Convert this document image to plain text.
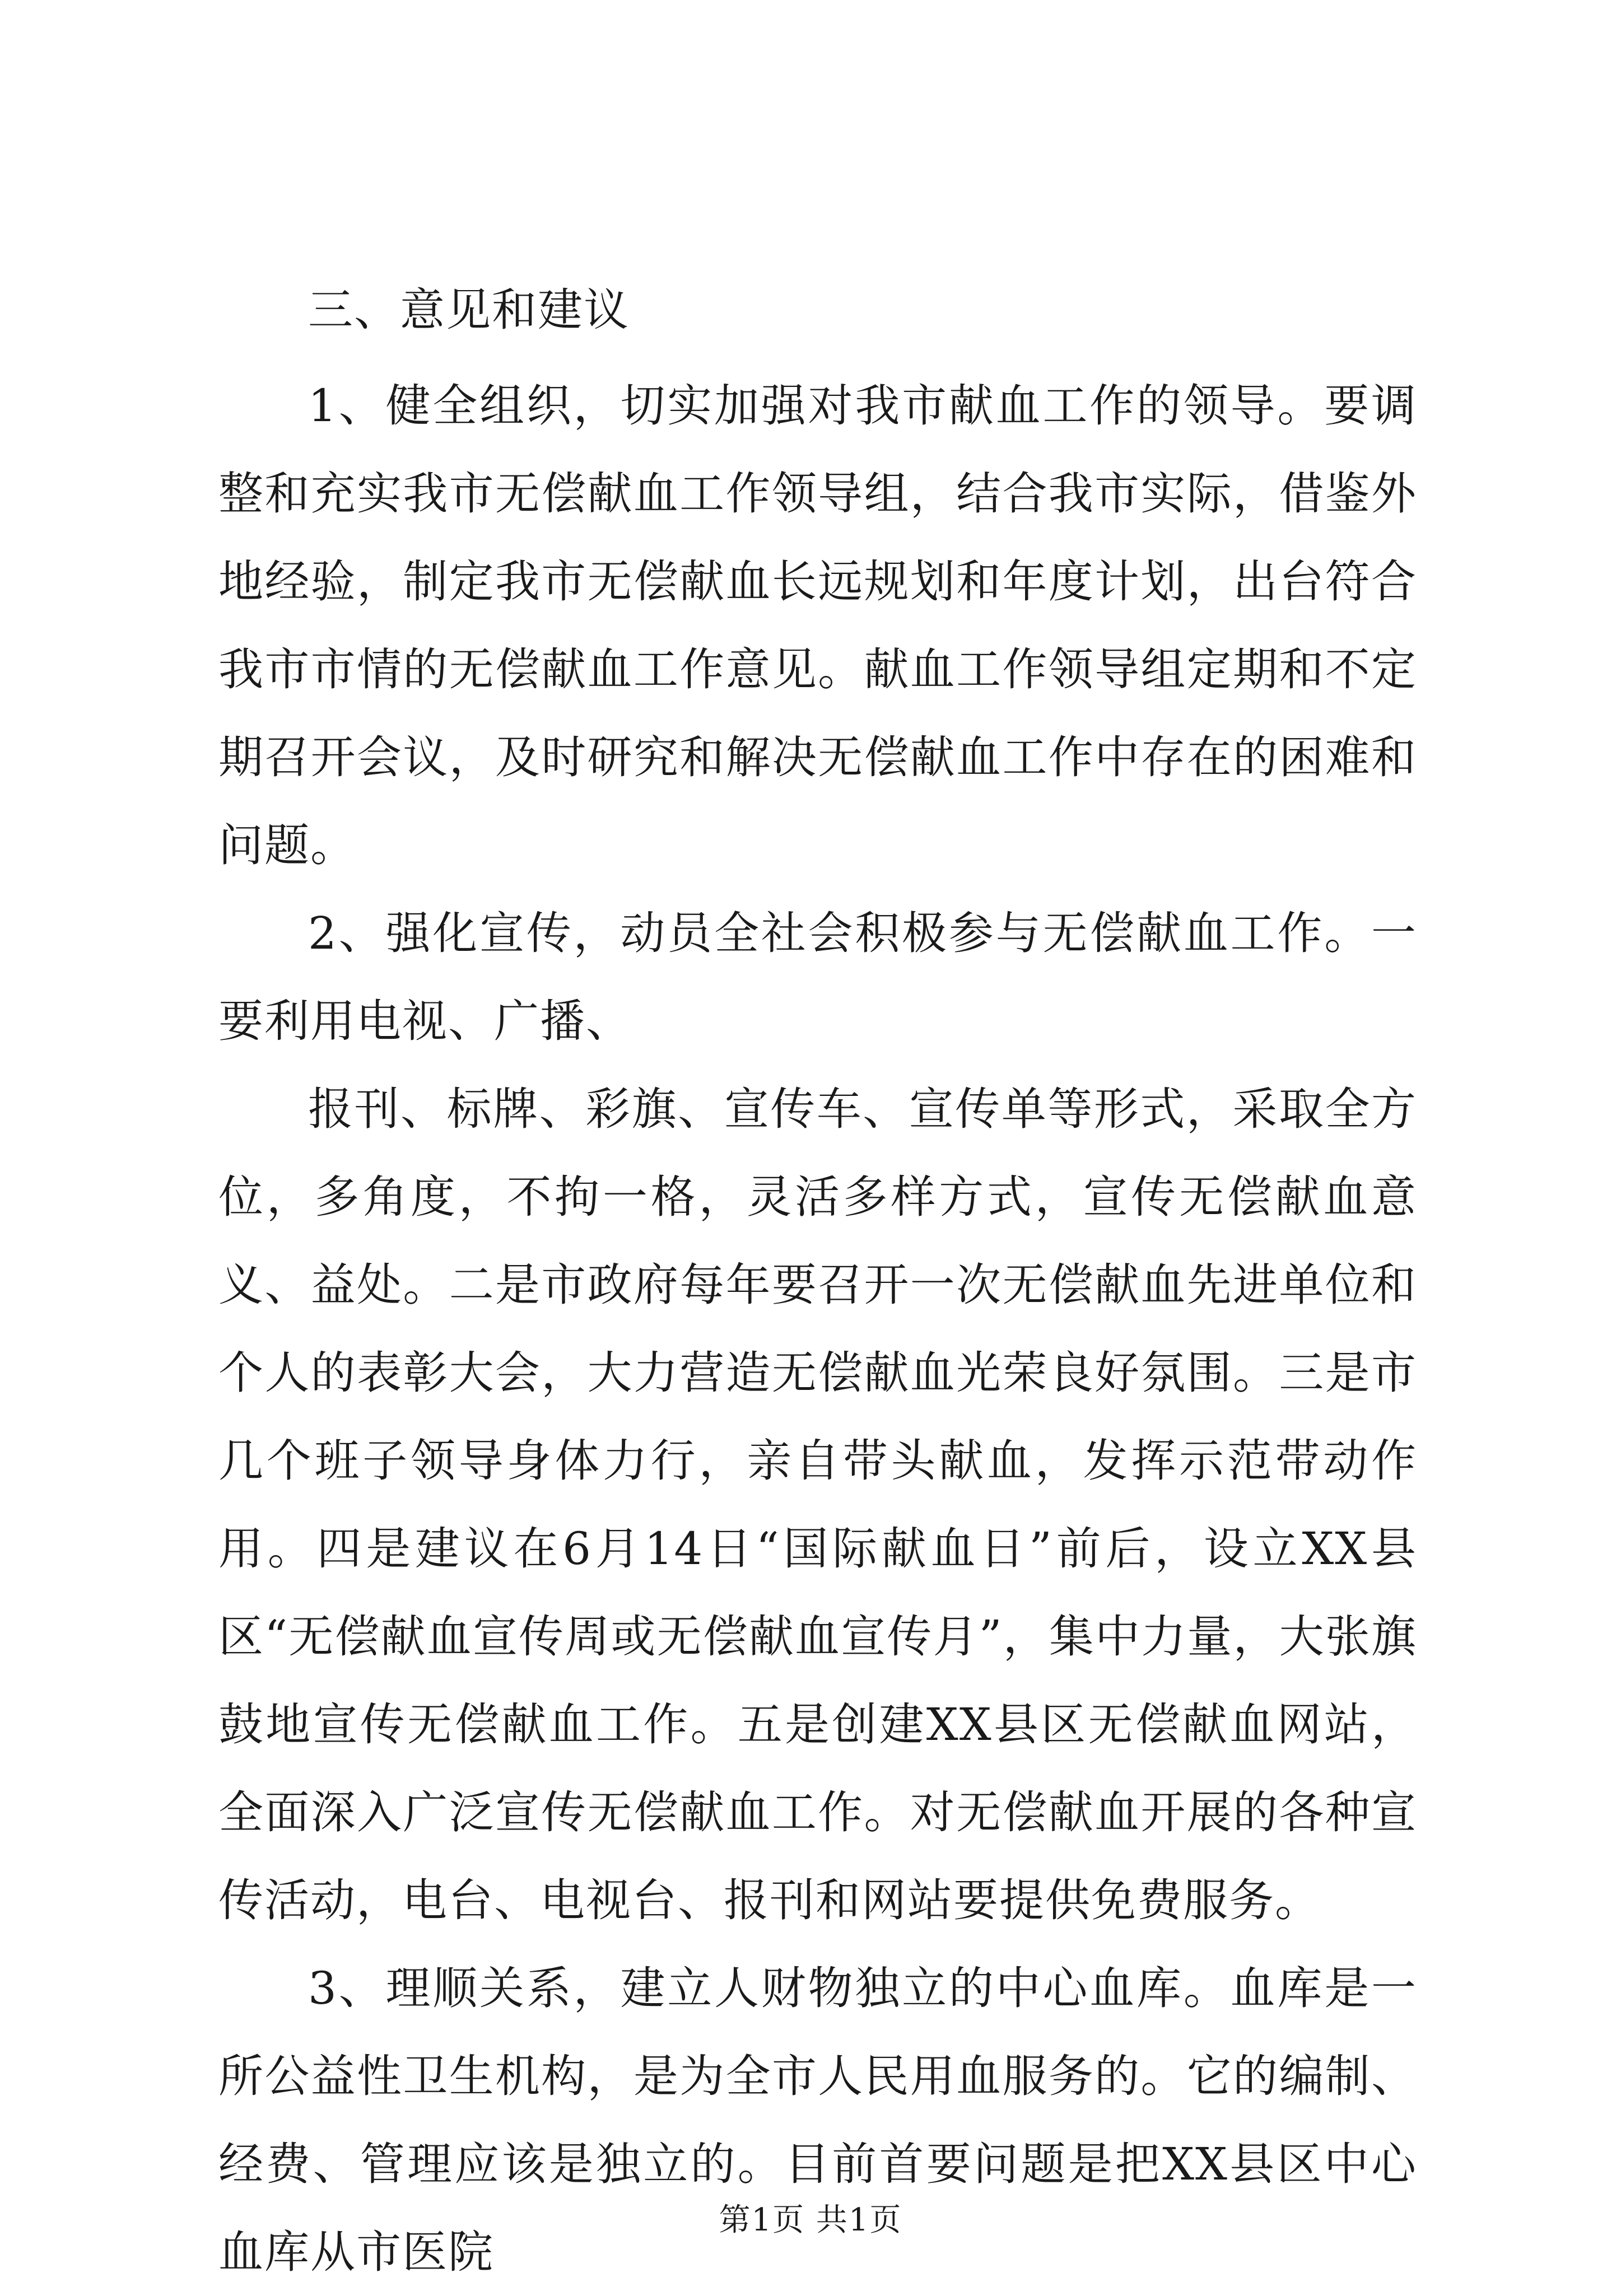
三、意见和建议

1、健全组织，切实加强对我市献血工作的领导。要调整和充实我市无偿献血工作领导组，结合我市实际，借鉴外地经验，制定我市无偿献血长远规划和年度计划，出台符合我市市情的无偿献血工作意见。献血工作领导组定期和不定期召开会议，及时研究和解决无偿献血工作中存在的困难和问题。

2、强化宣传，动员全社会积极参与无偿献血工作。一要利用电视、广播、

报刊、标牌、彩旗、宣传车、宣传单等形式，采取全方位，多角度，不拘一格，灵活多样方式，宣传无偿献血意义、益处。二是市政府每年要召开一次无偿献血先进单位和个人的表彰大会，大力营造无偿献血光荣良好氛围。三是市几个班子领导身体力行，亲自带头献血，发挥示范带动作用。四是建议在6月14日“国际献血日”前后，设立XX县区“无偿献血宣传周或无偿献血宣传月”，集中力量，大张旗鼓地宣传无偿献血工作。五是创建XX县区无偿献血网站，全面深入广泛宣传无偿献血工作。对无偿献血开展的各种宣传活动，电台、电视台、报刊和网站要提供免费服务。

3、理顺关系，建立人财物独立的中心血库。血库是一所公益性卫生机构，是为全市人民用血服务的。它的编制、经费、管理应该是独立的。目前首要问题是把XX县区中心血库从市医院

第1页 共1页
